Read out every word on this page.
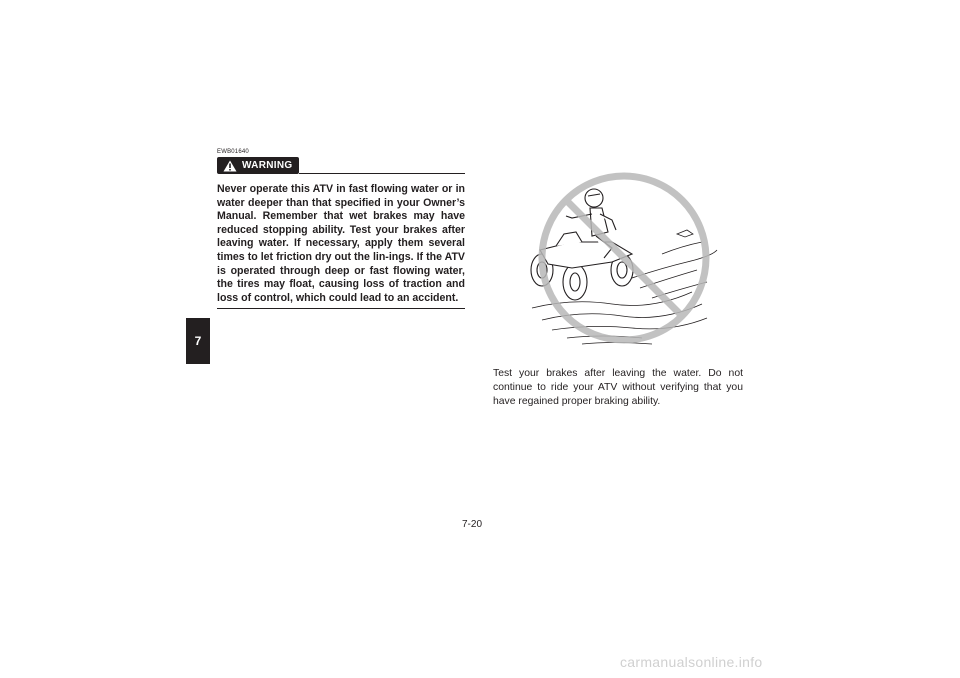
7
EWB01640
WARNING

Never operate this ATV in fast flowing water or in water deeper than that specified in your Owner’s Manual. Remember that wet brakes may have reduced stopping ability. Test your brakes after leaving water. If necessary, apply them several times to let friction dry out the lin-ings. If the ATV is operated through deep or fast flowing water, the tires may float, causing loss of traction and loss of control, which could lead to an accident.

Test your brakes after leaving the water. Do not continue to ride your ATV without verifying that you have regained proper braking ability.

7-20
carmanualsonline.info
